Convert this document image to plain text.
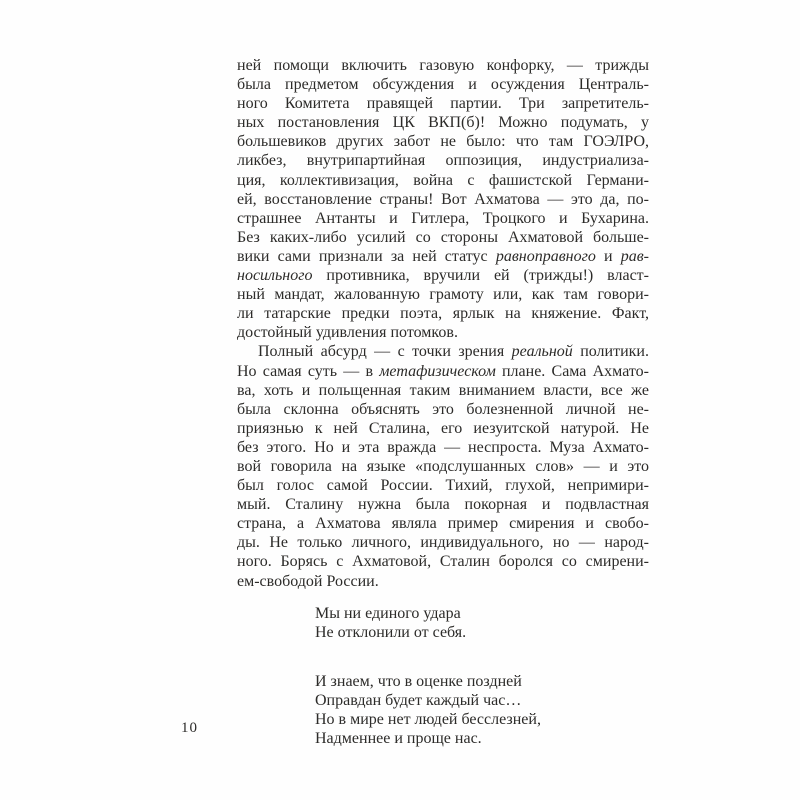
ней помощи включить газовую конфорку, — трижды
была предметом обсуждения и осуждения Централь-
ного Комитета правящей партии. Три запретитель-
ных постановления ЦК ВКП(б)! Можно подумать, у
большевиков других забот не было: что там ГОЭЛРО,
ликбез, внутрипартийная оппозиция, индустриализа-
ция, коллективизация, война с фашистской Германи-
ей, восстановление страны! Вот Ахматова — это да, по-
страшнее Антанты и Гитлера, Троцкого и Бухарина.
Без каких-либо усилий со стороны Ахматовой больше-
вики сами признали за ней статус равноправного и рав-
носильного противника, вручили ей (трижды!) власт-
ный мандат, жалованную грамоту или, как там говори-
ли татарские предки поэта, ярлык на княжение. Факт,
достойный удивления потомков.
Полный абсурд — с точки зрения реальной политики.
Но самая суть — в метафизическом плане. Сама Ахмато-
ва, хоть и польщенная таким вниманием власти, все же
была склонна объяснять это болезненной личной не-
приязнью к ней Сталина, его иезуитской натурой. Не
без этого. Но и эта вражда — неспроста. Муза Ахмато-
вой говорила на языке «подслушанных слов» — и это
был голос самой России. Тихий, глухой, непримири-
мый. Сталину нужна была покорная и подвластная
страна, а Ахматова являла пример смирения и свобо-
ды. Не только личного, индивидуального, но — народ-
ного. Борясь с Ахматовой, Сталин боролся со смирени-
ем-свободой России.
Мы ни единого удара
Не отклонили от себя.
И знаем, что в оценке поздней
Оправдан будет каждый час…
Но в мире нет людей бесслезней,
Надменнее и проще нас.
10
